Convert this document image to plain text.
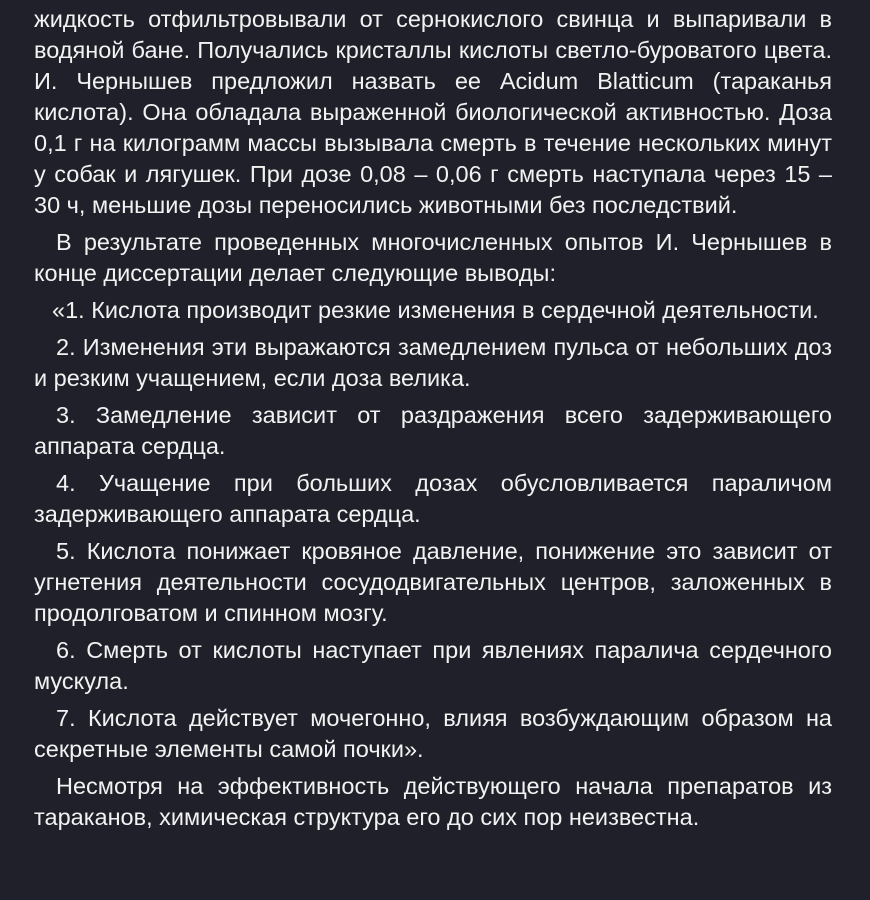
жидкость отфильтровывали от сернокислого свинца и выпаривали в водяной бане. Получались кристаллы кислоты светло-буроватого цвета. И. Чернышев предложил назвать ее Acidum Blatticum (тараканья кислота). Она обладала выраженной биологической активностью. Доза 0,1 г на килограмм массы вызывала смерть в течение нескольких минут у собак и лягушек. При дозе 0,08 – 0,06 г смерть наступала через 15 – 30 ч, меньшие дозы переносились животными без последствий.

В результате проведенных многочисленных опытов И. Чернышев в конце диссертации делает следующие выводы:

«1. Кислота производит резкие изменения в сердечной деятельности.

2. Изменения эти выражаются замедлением пульса от небольших доз и резким учащением, если доза велика.

3. Замедление зависит от раздражения всего задерживающего аппарата сердца.

4. Учащение при больших дозах обусловливается параличом задерживающего аппарата сердца.

5. Кислота понижает кровяное давление, понижение это зависит от угнетения деятельности сосудодвигательных центров, заложенных в продолговатом и спинном мозгу.

6. Смерть от кислоты наступает при явлениях паралича сердечного мускула.

7. Кислота действует мочегонно, влияя возбуждающим образом на секретные элементы самой почки».

Несмотря на эффективность действующего начала препаратов из тараканов, химическая структура его до сих пор неизвестна.
